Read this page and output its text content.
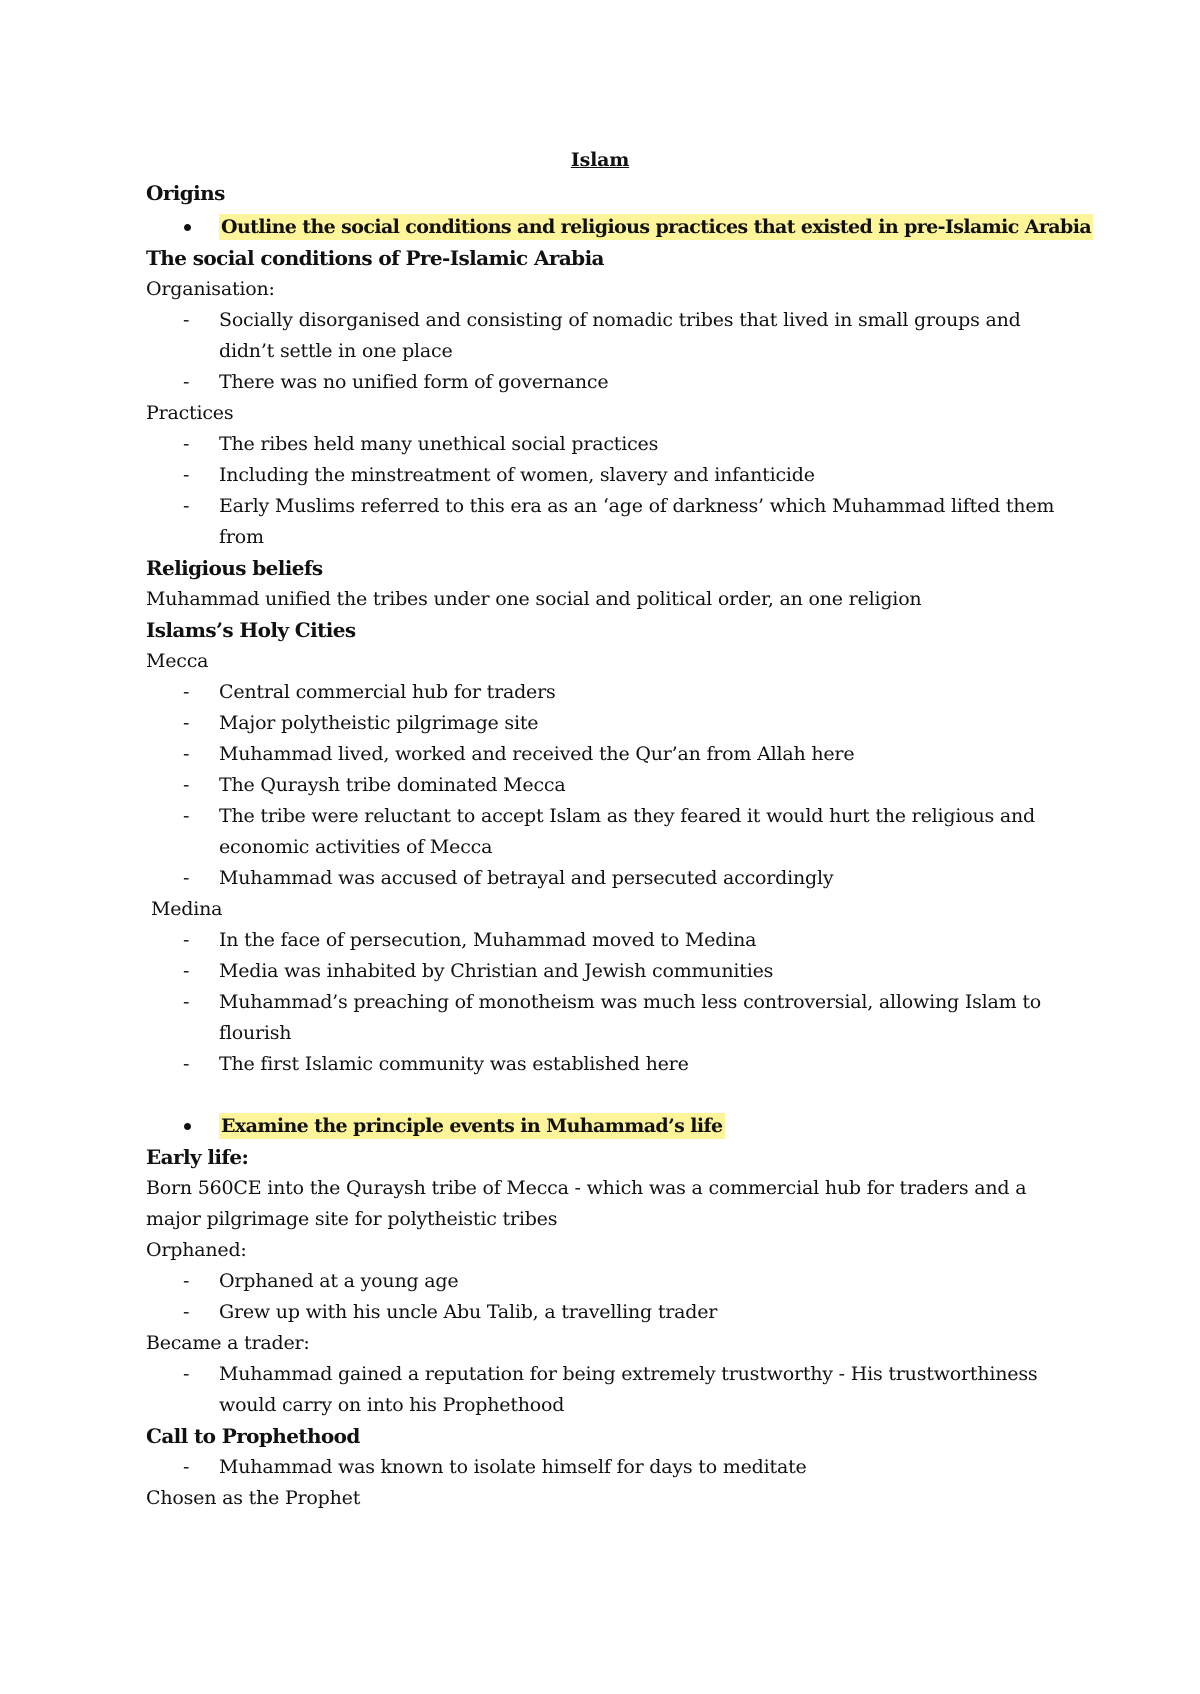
Islam
Origins
Outline the social conditions and religious practices that existed in pre-Islamic Arabia
The social conditions of Pre-Islamic Arabia
Organisation:
- Socially disorganised and consisting of nomadic tribes that lived in small groups and
didn’t settle in one place
- There was no unified form of governance
Practices
- The ribes held many unethical social practices
- Including the minstreatment of women, slavery and infanticide
- Early Muslims referred to this era as an ‘age of darkness’ which Muhammad lifted them
from
Religious beliefs
Muhammad unified the tribes under one social and political order, an one religion
Islams’s Holy Cities
Mecca
- Central commercial hub for traders
- Major polytheistic pilgrimage site
- Muhammad lived, worked and received the Qur’an from Allah here
- The Quraysh tribe dominated Mecca
- The tribe were reluctant to accept Islam as they feared it would hurt the religious and
economic activities of Mecca
- Muhammad was accused of betrayal and persecuted accordingly
Medina
- In the face of persecution, Muhammad moved to Medina
- Media was inhabited by Christian and Jewish communities
- Muhammad’s preaching of monotheism was much less controversial, allowing Islam to
flourish
- The first Islamic community was established here
Examine the principle events in Muhammad’s life
Early life:
Born 560CE into the Quraysh tribe of Mecca - which was a commercial hub for traders and a
major pilgrimage site for polytheistic tribes
Orphaned:
- Orphaned at a young age
- Grew up with his uncle Abu Talib, a travelling trader
Became a trader:
- Muhammad gained a reputation for being extremely trustworthy - His trustworthiness
would carry on into his Prophethood
Call to Prophethood
- Muhammad was known to isolate himself for days to meditate
Chosen as the Prophet
